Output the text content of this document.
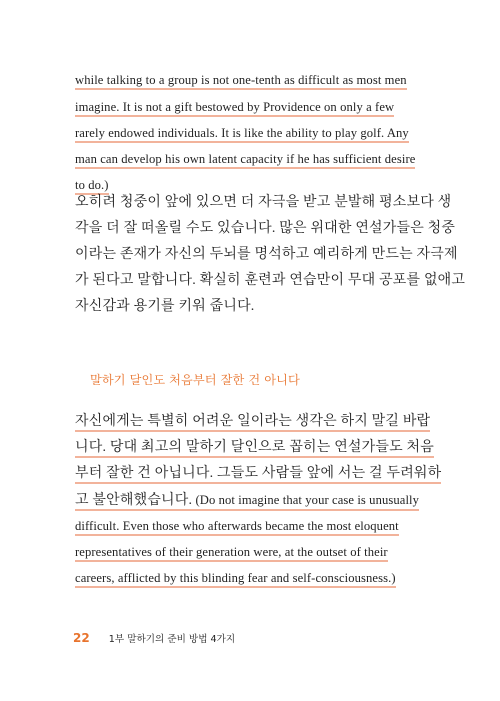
while talking to a group is not one-tenth as difficult as most men
imagine. It is not a gift bestowed by Providence on only a few
rarely endowed individuals. It is like the ability to play golf. Any
man can develop his own latent capacity if he has sufficient desire
to do.)
오히려 청중이 앞에 있으면 더 자극을 받고 분발해 평소보다 생
각을 더 잘 떠올릴 수도 있습니다. 많은 위대한 연설가들은 청중
이라는 존재가 자신의 두뇌를 명석하고 예리하게 만드는 자극제
가 된다고 말합니다. 확실히 훈련과 연습만이 무대 공포를 없애고
자신감과 용기를 키워 줍니다.
말하기 달인도 처음부터 잘한 건 아니다
자신에게는 특별히 어려운 일이라는 생각은 하지 말길 바랍
니다. 당대 최고의 말하기 달인으로 꼽히는 연설가들도 처음
부터 잘한 건 아닙니다. 그들도 사람들 앞에 서는 걸 두려워하
고 불안해했습니다. (Do not imagine that your case is unusually
difficult. Even those who afterwards became the most eloquent
representatives of their generation were, at the outset of their
careers, afflicted by this blinding fear and self-consciousness.)
22 1부 말하기의 준비 방법 4가지
